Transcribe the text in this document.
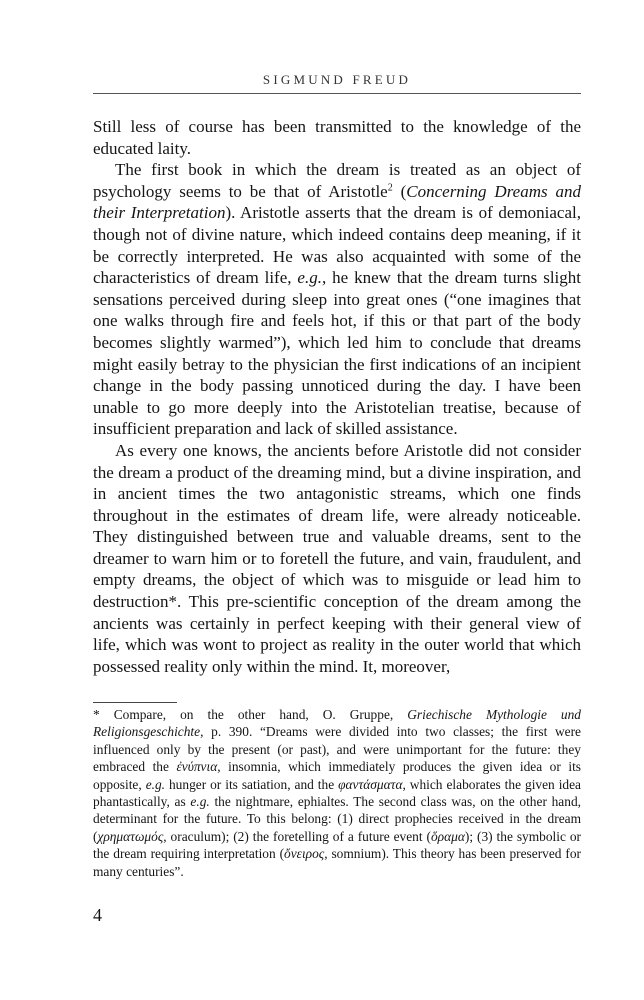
SIGMUND FREUD

Still less of course has been transmitted to the knowledge of the educated laity.

The first book in which the dream is treated as an object of psychology seems to be that of Aristotle$^2$ (Concerning Dreams and their Interpretation). Aristotle asserts that the dream is of demoniacal, though not of divine nature, which indeed contains deep meaning, if it be correctly interpreted. He was also acquainted with some of the characteristics of dream life, e.g., he knew that the dream turns slight sensations perceived during sleep into great ones (“one imagines that one walks through fire and feels hot, if this or that part of the body becomes slightly warmed”), which led him to conclude that dreams might easily betray to the physician the first indications of an incipient change in the body passing unnoticed during the day. I have been unable to go more deeply into the Aristotelian treatise, because of insufficient preparation and lack of skilled assistance.

As every one knows, the ancients before Aristotle did not consider the dream a product of the dreaming mind, but a divine inspiration, and in ancient times the two antagonistic streams, which one finds throughout in the estimates of dream life, were already noticeable. They distinguished between true and valuable dreams, sent to the dreamer to warn him or to foretell the future, and vain, fraudulent, and empty dreams, the object of which was to misguide or lead him to destruction*. This pre-scientific conception of the dream among the ancients was certainly in perfect keeping with their general view of life, which was wont to project as reality in the outer world that which possessed reality only within the mind. It, moreover,

* Compare, on the other hand, O. Gruppe, Griechische Mythologie und Religionsgeschichte, p. 390. “Dreams were divided into two classes; the first were influenced only by the present (or past), and were unimportant for the future: they embraced the ἐνύπνια, insomnia, which immediately produces the given idea or its opposite, e.g. hunger or its satiation, and the φαντάσματα, which elaborates the given idea phantastically, as e.g. the nightmare, ephialtes. The second class was, on the other hand, determinant for the future. To this belong: (1) direct prophecies received in the dream (χρηματωμός, oraculum); (2) the foretelling of a future event (ὅραμα); (3) the symbolic or the dream requiring interpretation (ὄνειρος, somnium). This theory has been preserved for many centuries”.

4
